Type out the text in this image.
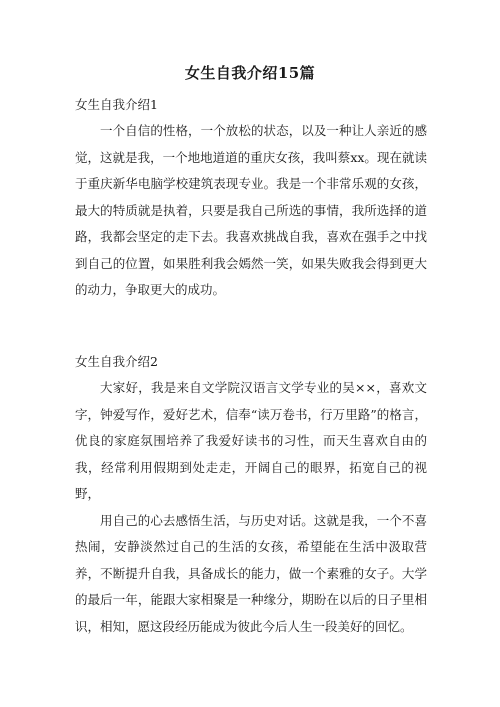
女生自我介绍15篇

女生自我介绍1

一个自信的性格，一个放松的状态，以及一种让人亲近的感觉，这就是我，一个地地道道的重庆女孩，我叫蔡xx。现在就读于重庆新华电脑学校建筑表现专业。我是一个非常乐观的女孩，最大的特质就是执着，只要是我自己所选的事情，我所选择的道路，我都会坚定的走下去。我喜欢挑战自我，喜欢在强手之中找到自己的位置，如果胜利我会嫣然一笑，如果失败我会得到更大的动力，争取更大的成功。

女生自我介绍2

大家好，我是来自文学院汉语言文学专业的吴××，喜欢文字，钟爱写作，爱好艺术，信奉“读万卷书，行万里路”的格言，优良的家庭氛围培养了我爱好读书的习性，而天生喜欢自由的我，经常利用假期到处走走，开阔自己的眼界，拓宽自己的视野，

用自己的心去感悟生活，与历史对话。这就是我，一个不喜热闹，安静淡然过自己的生活的女孩，希望能在生活中汲取营养，不断提升自我，具备成长的能力，做一个素雅的女子。大学的最后一年，能跟大家相聚是一种缘分，期盼在以后的日子里相识，相知，愿这段经历能成为彼此今后人生一段美好的回忆。
